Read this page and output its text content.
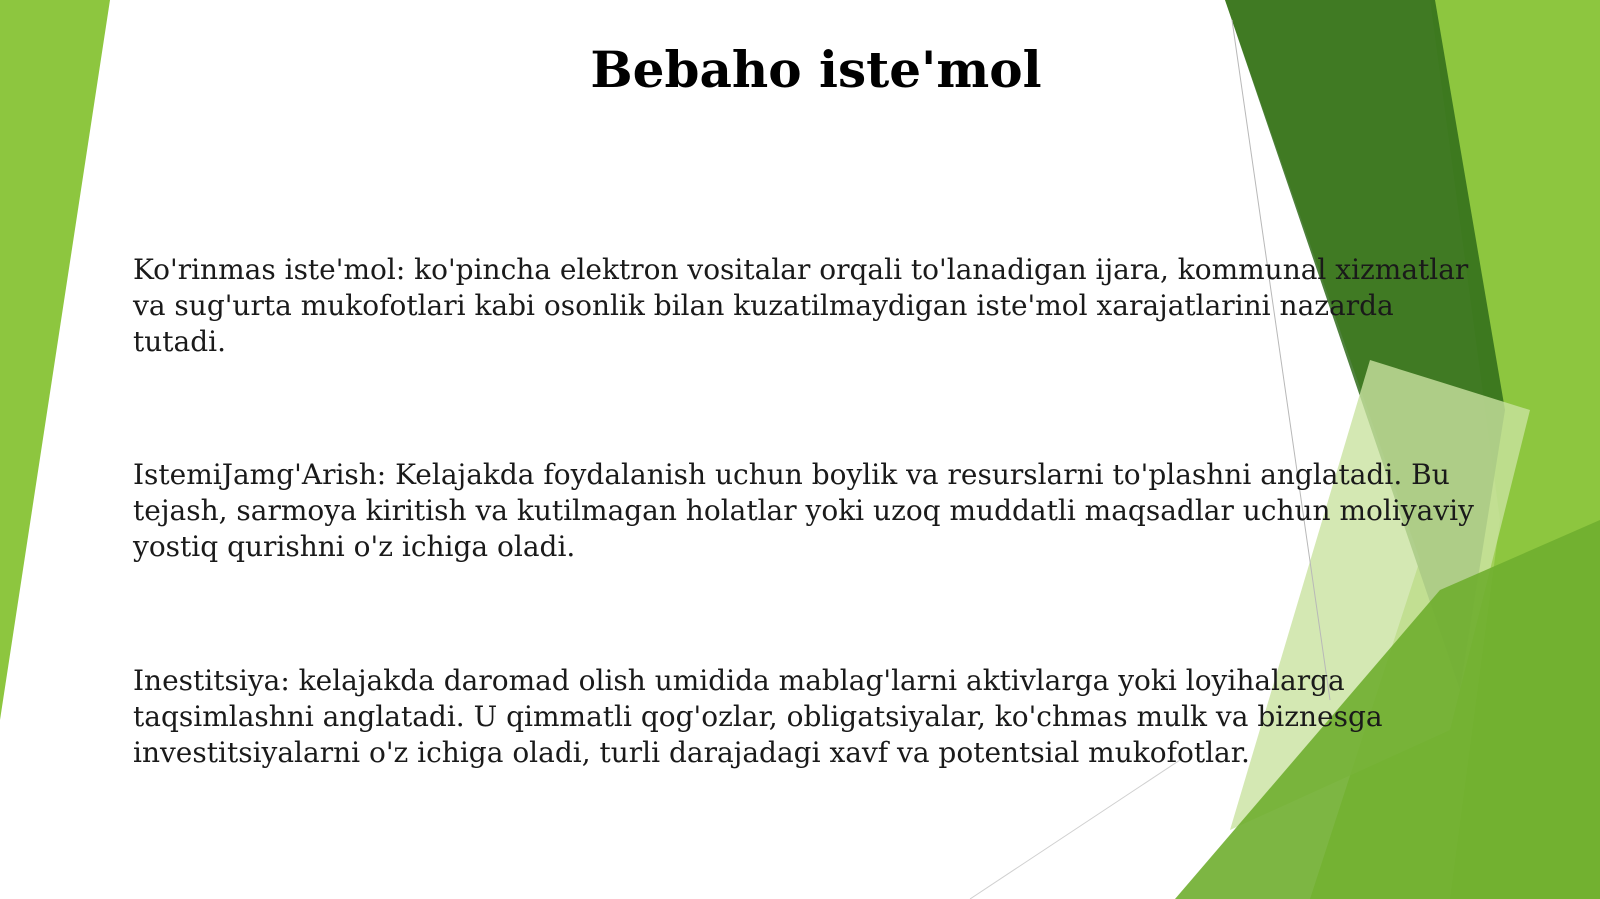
Bebaho iste'mol

Ko'rinmas iste'mol: ko'pincha elektron vositalar orqali to'lanadigan ijara, kommunal xizmatlar va sug'urta mukofotlari kabi osonlik bilan kuzatilmaydigan iste'mol xarajatlarini nazarda tutadi.

IstemiJamg'Arish: Kelajakda foydalanish uchun boylik va resurslarni to'plashni anglatadi. Bu tejash, sarmoya kiritish va kutilmagan holatlar yoki uzoq muddatli maqsadlar uchun moliyaviy yostiq qurishni o'z ichiga oladi.

Inestitsiya: kelajakda daromad olish umidida mablag'larni aktivlarga yoki loyihalarga taqsimlashni anglatadi. U qimmatli qog'ozlar, obligatsiyalar, ko'chmas mulk va biznesga investitsiyalarni o'z ichiga oladi, turli darajadagi xavf va potentsial mukofotlar.
